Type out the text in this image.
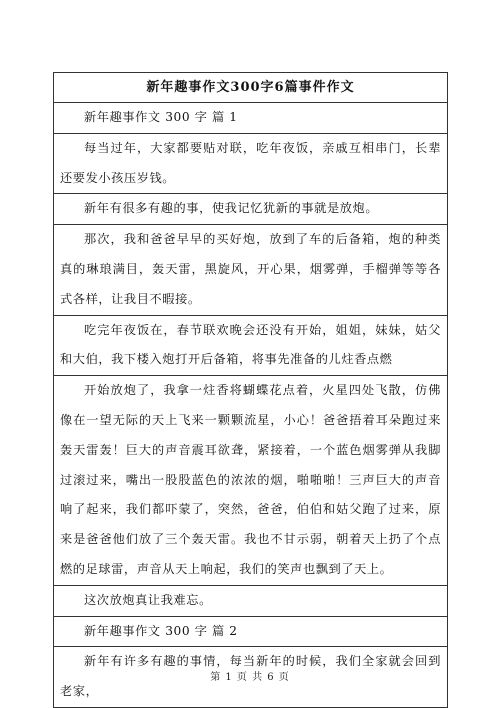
新年趣事作文300字6篇事件作文
新年趣事作文 300 字 篇 1
每当过年，大家都要贴对联，吃年夜饭，亲戚互相串门，长辈还要发小孩压岁钱。
新年有很多有趣的事，使我记忆犹新的事就是放炮。
那次，我和爸爸早早的买好炮，放到了车的后备箱，炮的种类真的琳琅满目，轰天雷，黑旋风，开心果，烟雾弹，手榴弹等等各式各样，让我目不暇接。
吃完年夜饭在，春节联欢晚会还没有开始，姐姐，妹妹，姑父和大伯，我下楼入炮打开后备箱，将事先准备的儿炷香点燃
开始放炮了，我拿一炷香将蝴蝶花点着，火星四处飞散，仿佛像在一望无际的天上飞来一颗颗流星，小心！爸爸捂着耳朵跑过来轰天雷轰！巨大的声音震耳欲聋，紧接着，一个蓝色烟雾弹从我脚过滚过来，嘴出一股股蓝色的浓浓的烟，啪啪啪！三声巨大的声音响了起来，我们都吓蒙了，突然，爸爸，伯伯和姑父跑了过来，原来是爸爸他们放了三个轰天雷。我也不甘示弱，朝着天上扔了个点燃的足球雷，声音从天上响起，我们的笑声也飘到了天上。
这次放炮真让我难忘。
新年趣事作文 300 字 篇 2
新年有许多有趣的事情，每当新年的时候，我们全家就会回到老家，
第 1 页 共 6 页
